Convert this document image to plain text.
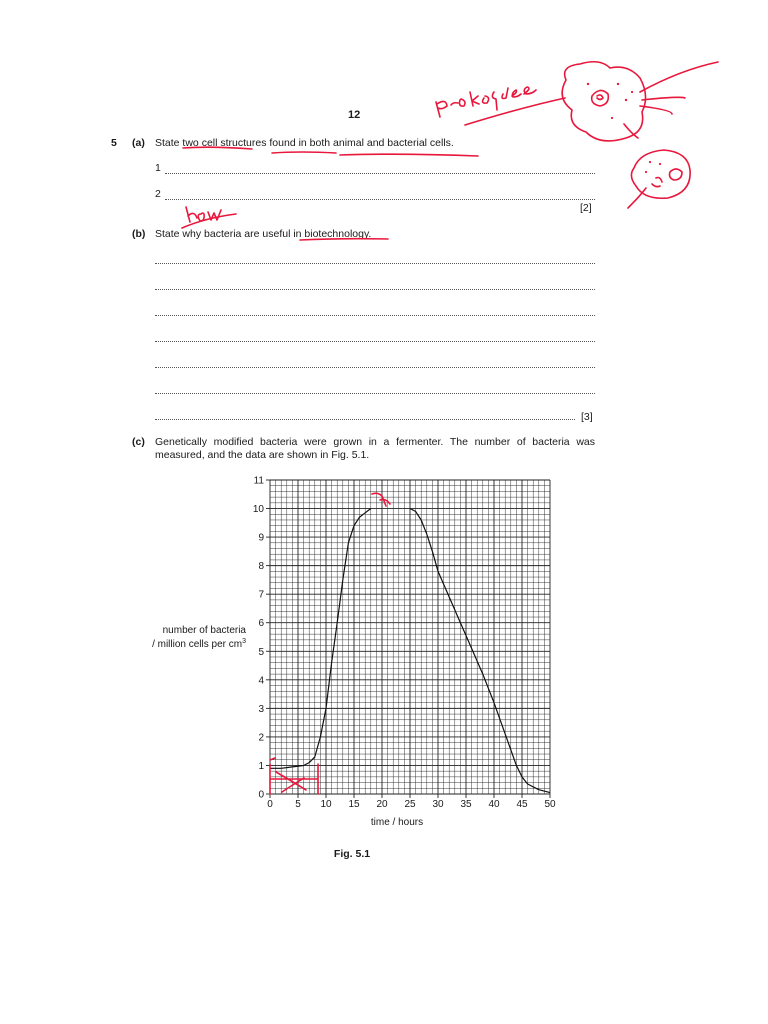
12
5 (a) State two cell structures found in both animal and bacterial cells.
1
2
[2]
(b) State why bacteria are useful in biotechnology.
[3]
(c) Genetically modified bacteria were grown in a fermenter. The number of bacteria was
measured, and the data are shown in Fig. 5.1.
0 5 10 15 20 25 30 35 40 45 50
0
1
2
3
4
5
6
7
8
9
10
11
time / hours
number of bacteria
/ million cells per $cm^3$
Fig. 5.1
